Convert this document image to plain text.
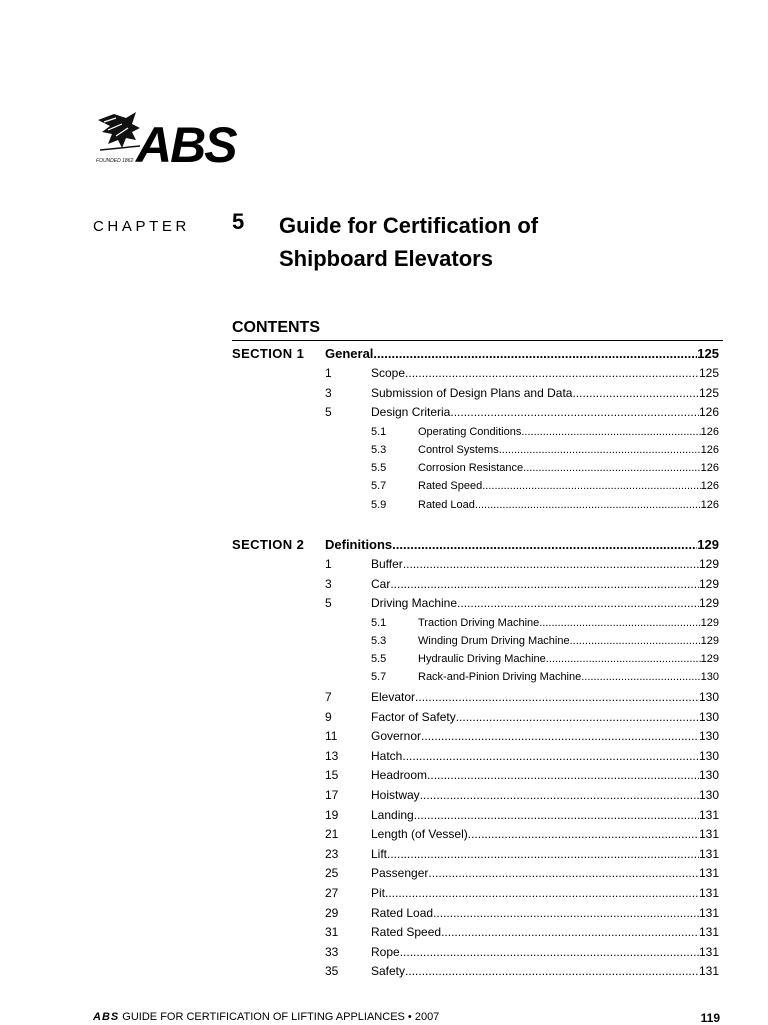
FOUNDED 1862 ABS
CHAPTER 5 Guide for Certification of
Shipboard Elevators
CONTENTS
SECTION 1 General .....	125
1	Scope .....	125
3	Submission of Design Plans and Data .....	125
5	Design Criteria .....	126
5.1	Operating Conditions .....	126
5.3	Control Systems .....	126
5.5	Corrosion Resistance .....	126
5.7	Rated Speed .....	126
5.9	Rated Load .....	126
SECTION 2 Definitions .....	129
1	Buffer .....	129
3	Car .....	129
5	Driving Machine .....	129
5.1	Traction Driving Machine .....	129
5.3	Winding Drum Driving Machine .....	129
5.5	Hydraulic Driving Machine .....	129
5.7	Rack-and-Pinion Driving Machine .....	130
7	Elevator .....	130
9	Factor of Safety .....	130
11	Governor .....	130
13	Hatch .....	130
15	Headroom .....	130
17	Hoistway .....	130
19	Landing .....	131
21	Length (of Vessel) .....	131
23	Lift .....	131
25	Passenger .....	131
27	Pit .....	131
29	Rated Load .....	131
31	Rated Speed .....	131
33	Rope .....	131
35	Safety .....	131
ABS GUIDE FOR CERTIFICATION OF LIFTING APPLIANCES • 2007	119
